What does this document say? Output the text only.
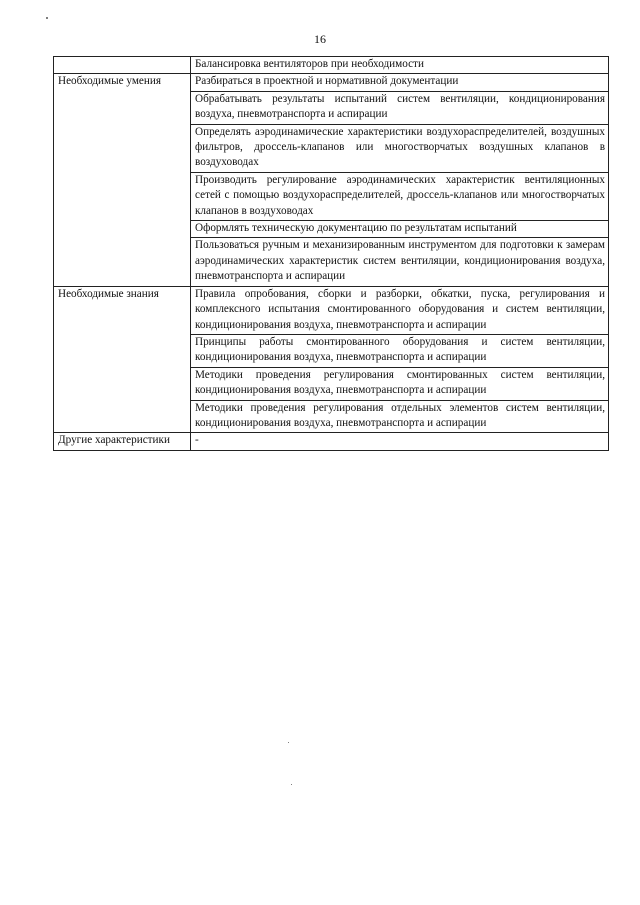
16
	Балансировка вентиляторов при необходимости
Необходимые умения	Разбираться в проектной и нормативной документации
	Обрабатывать результаты испытаний систем вентиляции, кондиционирования воздуха, пневмотранспорта и аспирации
	Определять аэродинамические характеристики воздухораспределителей, воздушных фильтров, дроссель-клапанов или многостворчатых воздушных клапанов в воздуховодах
	Производить регулирование аэродинамических характеристик вентиляционных сетей с помощью воздухораспределителей, дроссель-клапанов или многостворчатых клапанов в воздуховодах
	Оформлять техническую документацию по результатам испытаний
	Пользоваться ручным и механизированным инструментом для подготовки к замерам аэродинамических характеристик систем вентиляции, кондиционирования воздуха, пневмотранспорта и аспирации
Необходимые знания	Правила опробования, сборки и разборки, обкатки, пуска, регулирования и комплексного испытания смонтированного оборудования и систем вентиляции, кондиционирования воздуха, пневмотранспорта и аспирации
	Принципы работы смонтированного оборудования и систем вентиляции, кондиционирования воздуха, пневмотранспорта и аспирации
	Методики проведения регулирования смонтированных систем вентиляции, кондиционирования воздуха, пневмотранспорта и аспирации
	Методики проведения регулирования отдельных элементов систем вентиляции, кондиционирования воздуха, пневмотранспорта и аспирации
Другие характеристики	-
